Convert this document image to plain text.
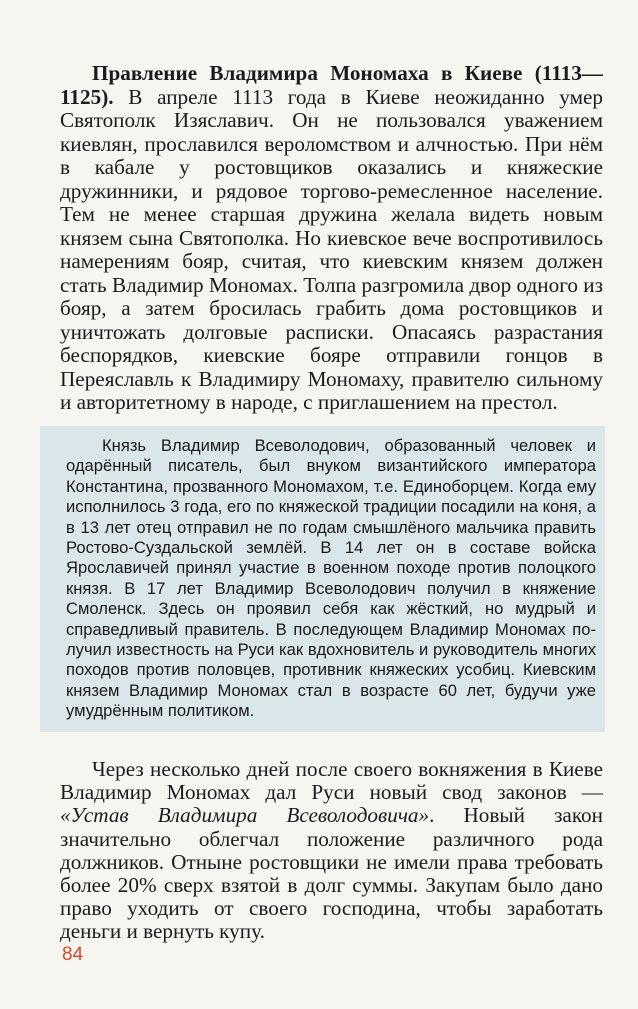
Правление Владимира Мономаха в Киеве (1113—1125). В апреле 1113 года в Киеве неожиданно умер Святополк Изяславич. Он не пользовался уважением киевлян, прославился вероломством и алчностью. При нём в кабале у ростовщиков оказались и княжеские дружинники, и рядовое торгово-ремесленное население. Тем не менее старшая дружина желала видеть новым князем сына Святополка. Но киевское вече воспротивилось намерениям бояр, считая, что киевским князем должен стать Владимир Мономах. Толпа разгромила двор одного из бояр, а затем бросилась грабить дома ростовщиков и уничтожать долговые расписки. Опасаясь разрастания беспорядков, киевские бояре отправили гонцов в Переяславль к Владимиру Мономаху, правителю сильному и авторитетному в народе, с приглашением на престол.

Князь Владимир Всеволодович, образованный человек и одарённый писатель, был внуком византийского императора Константина, прозванного Мономахом, т.е. Единоборцем. Когда ему исполнилось 3 года, его по княжеской традиции посадили на коня, а в 13 лет отец отправил не по годам смышлёного мальчика править Ростово-Суздальской землёй. В 14 лет он в составе войска Ярославичей принял участие в военном походе против полоцкого князя. В 17 лет Владимир Всеволодович получил в княжение Смоленск. Здесь он проявил себя как жёсткий, но мудрый и справедливый правитель. В последующем Владимир Мономах получил известность на Руси как вдохновитель и руководитель многих походов против половцев, противник княжеских усобиц. Киевским князем Владимир Мономах стал в возрасте 60 лет, будучи уже умудрённым политиком.

Через несколько дней после своего вокняжения в Киеве Владимир Мономах дал Руси новый свод законов — «Устав Владимира Всеволодовича». Новый закон значительно облегчал положение различного рода должников. Отныне ростовщики не имели права требовать более 20% сверх взятой в долг суммы. Закупам было дано право уходить от своего господина, чтобы заработать деньги и вернуть купу.

84
